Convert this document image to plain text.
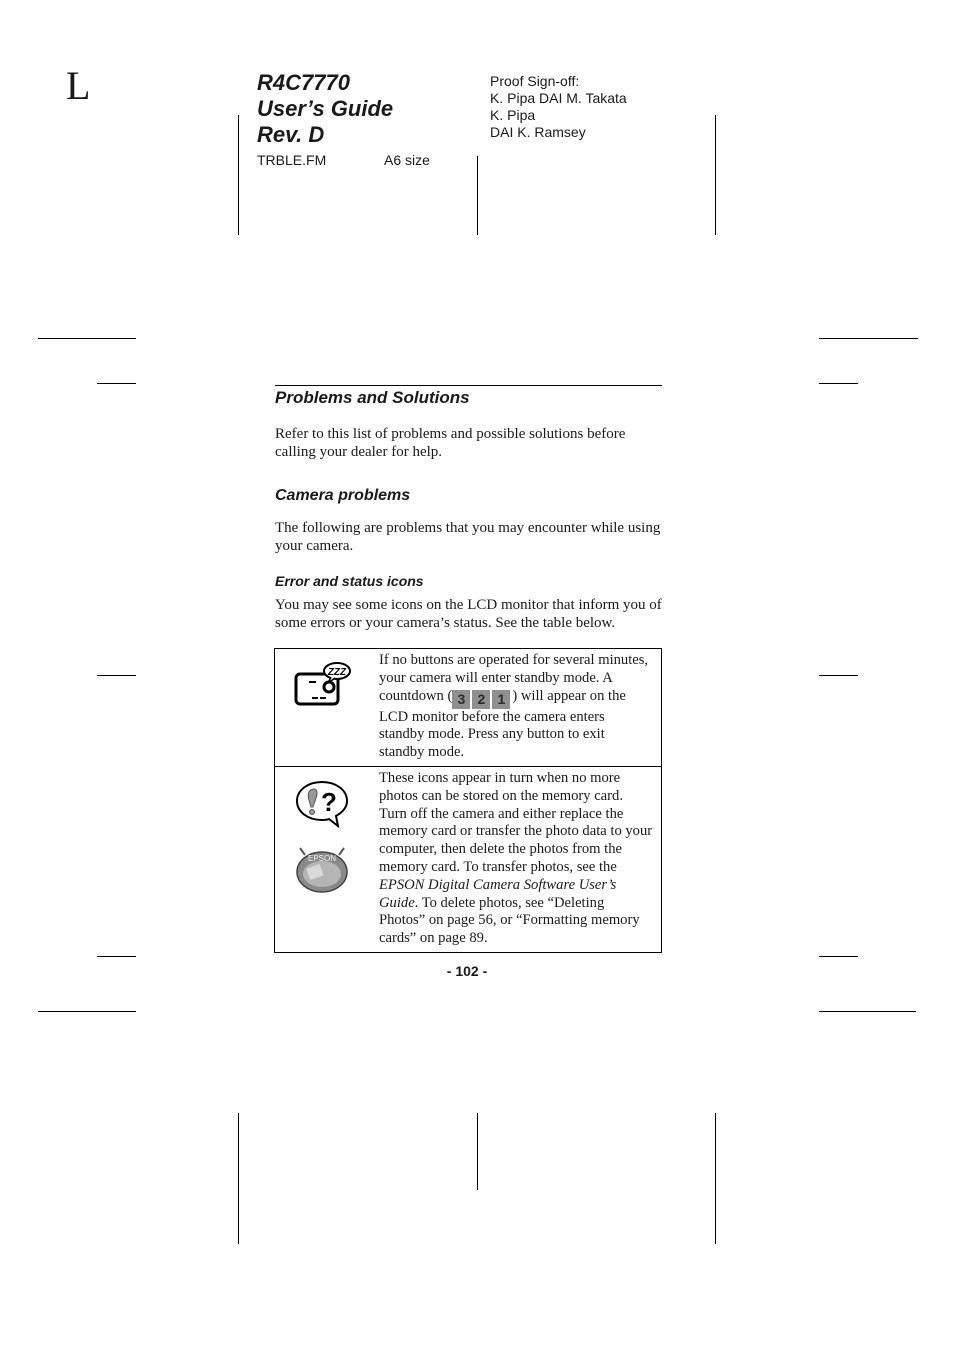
L	R4C7770
User’s Guide
Rev. D
TRBLE.FM	A6 size
Proof Sign-off:
K. Pipa DAI M. Takata
K. Pipa
DAI K. Ramsey
Problems and Solutions
Refer to this list of problems and possible solutions before calling your dealer for help.
Camera problems
The following are problems that you may encounter while using your camera.
Error and status icons
You may see some icons on the LCD monitor that inform you of some errors or your camera’s status. See the table below.
ZZZ	If no buttons are operated for several minutes, your camera will enter standby mode. A countdown ( 3 2 1 ) will appear on the LCD monitor before the camera enters standby mode. Press any button to exit standby mode.

?
EPSON	These icons appear in turn when no more photos can be stored on the memory card. Turn off the camera and either replace the memory card or transfer the photo data to your computer, then delete the photos from the memory card. To transfer photos, see the EPSON Digital Camera Software User’s Guide. To delete photos, see “Deleting Photos” on page 56, or “Formatting memory cards” on page 89.
- 102 -
